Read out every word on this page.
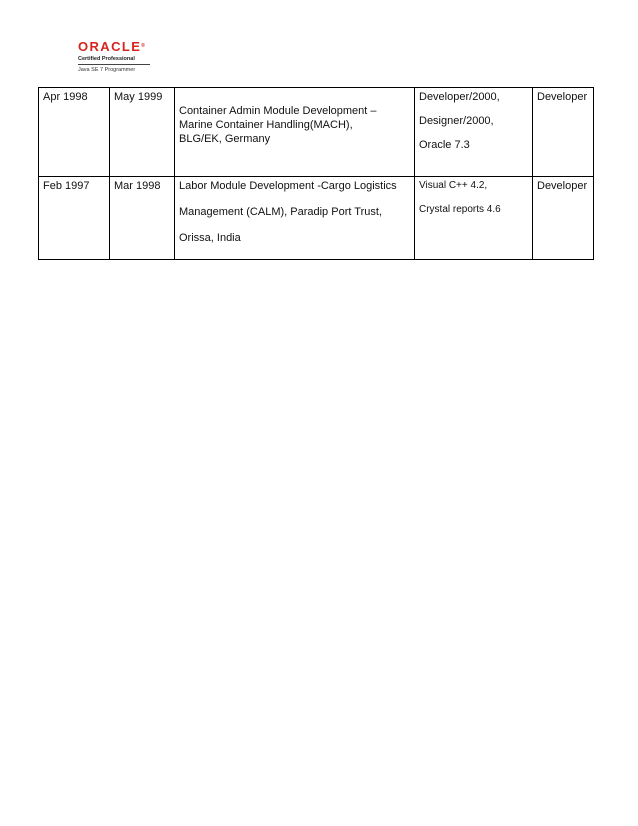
ORACLE®
Certified Professional
Java SE 7 Programmer
Apr 1998	May 1999	Container Admin Module Development –
Marine Container Handling(MACH),
BLG/EK, Germany	Developer/2000,
Designer/2000,
Oracle 7.3	Developer
Feb 1997	Mar 1998	Labor Module Development -Cargo Logistics
Management (CALM), Paradip Port Trust,
Orissa, India	Visual C++ 4.2,
Crystal reports 4.6	Developer
